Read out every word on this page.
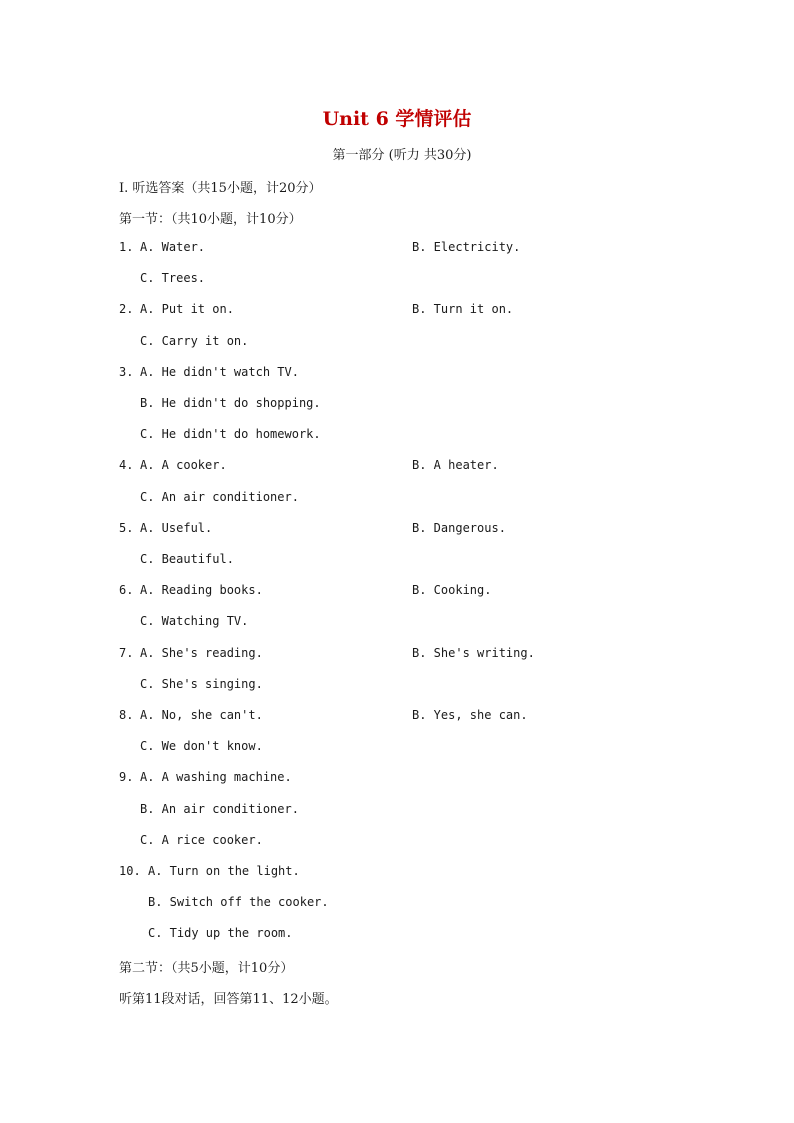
Unit 6 学情评估
第一部分 (听力 共30分)
Ⅰ. 听选答案（共15小题，计20分）
第一节：（共10小题，计10分）
1. A. Water.	B. Electricity.
C. Trees.
2. A. Put it on.	B. Turn it on.
C. Carry it on.
3. A. He didn't watch TV.
B. He didn't do shopping.
C. He didn't do homework.
4. A. A cooker.	B. A heater.
C. An air conditioner.
5. A. Useful.	B. Dangerous.
C. Beautiful.
6. A. Reading books.	B. Cooking.
C. Watching TV.
7. A. She's reading.	B. She's writing.
C. She's singing.
8. A. No, she can't.	B. Yes, she can.
C. We don't know.
9. A. A washing machine.
B. An air conditioner.
C. A rice cooker.
10. A. Turn on the light.
B. Switch off the cooker.
C. Tidy up the room.
第二节：（共5小题，计10分）
听第11段对话，回答第11、12小题。
